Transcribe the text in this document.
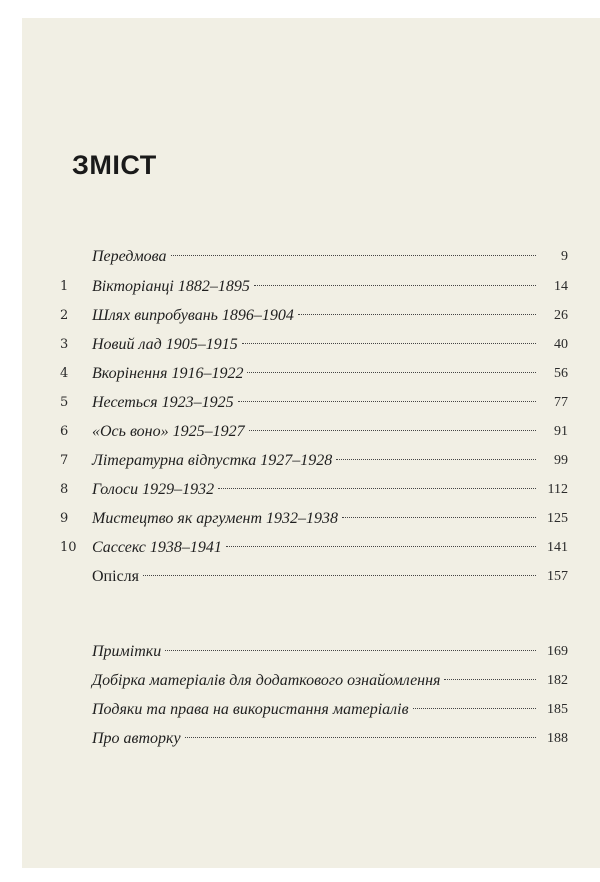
ЗМІСТ
Передмова	9
1	Вікторіанці 1882–1895	14
2	Шлях випробувань 1896–1904	26
3	Новий лад 1905–1915	40
4	Вкорінення 1916–1922	56
5	Несеться 1923–1925	77
6	«Ось воно» 1925–1927	91
7	Літературна відпустка 1927–1928	99
8	Голоси 1929–1932	112
9	Мистецтво як аргумент 1932–1938	125
10 Сассекс 1938–1941	141
Опісля	157
Примітки	169
Добірка матеріалів для додаткового ознайомлення	182
Подяки та права на використання матеріалів	185
Про авторку	188
